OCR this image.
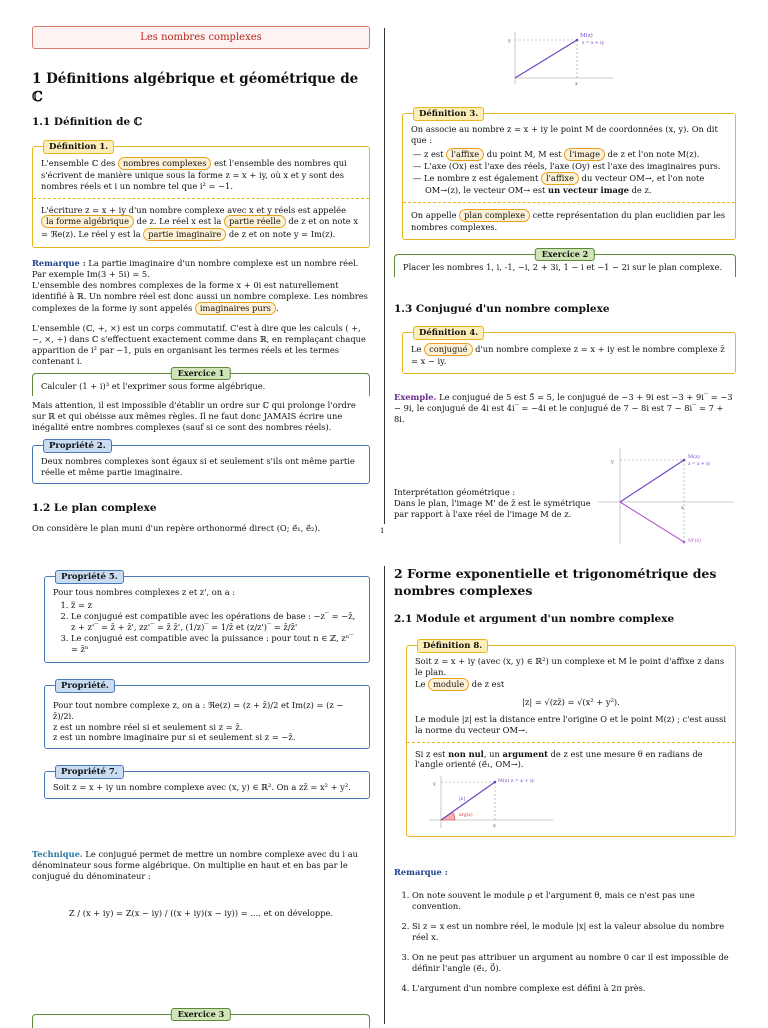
Les nombres complexes

1 Définitions algébrique et géométrique de ℂ

1.1 Définition de ℂ

Définition 1.

L'ensemble ℂ des nombres complexes est l'ensemble des nombres qui s'écrivent de manière unique sous la forme z = x + iy, où x et y sont des nombres réels et i un nombre tel que i² = −1.

L'écriture z = x + iy d'un nombre complexe avec x et y réels est appelée la forme algébrique de z. Le réel x est la partie réelle de z et on note x = ℜe(z). Le réel y est la partie imaginaire de z et on note y = Im(z).

Remarque : La partie imaginaire d'un nombre complexe est un nombre réel. Par exemple Im(3 + 5i) = 5.

L'ensemble des nombres complexes de la forme x + 0i est naturellement identifié à ℝ. Un nombre réel est donc aussi un nombre complexe. Les nombres complexes de la forme iy sont appelés imaginaires purs .

L'ensemble (ℂ, +, ×) est un corps commutatif. C'est à dire que les calculs ( +, −, ×, ÷) dans ℂ s'effectuent exactement comme dans ℝ, en remplaçant chaque apparition de i² par −1, puis en organisant les termes réels et les termes contenant i.

Exercice 1

Calculer (1 + i)³ et l'exprimer sous forme algébrique.

Mais attention, il est impossible d'établir un ordre sur ℂ qui prolonge l'ordre sur ℝ et qui obéisse aux mêmes règles. Il ne faut donc JAMAIS écrire une inégalité entre nombres complexes (sauf si ce sont des nombres réels).

Propriété 2.

Deux nombres complexes sont égaux si et seulement s'ils ont même partie réelle et même partie imaginaire.

1.2 Le plan complexe

On considère le plan muni d'un repère orthonormé direct (O; e⃗₁, e⃗₂).

M(z)
z = x + iy
x
y
Définition 3.

On associe au nombre z = x + iy le point M de coordonnées (x, y). On dit que :

— z est l'affixe du point M, M est l'image de z et l'on note M(z).
— L'axe (Ox) est l'axe des réels, l'axe (Oy) est l'axe des imaginaires purs.
— Le nombre z est également l'affixe du vecteur OM→, et l'on note OM→(z), le vecteur OM→ est un vecteur image de z.

On appelle plan complexe cette représentation du plan euclidien par les nombres complexes.

Exercice 2

Placer les nombres 1, i, -1, −i, 2 + 3i, 1 − i et −1 − 2i sur le plan complexe.

1.3 Conjugué d'un nombre complexe

Définition 4.

Le conjugué d'un nombre complexe z = x + iy est le nombre complexe z̄ = x − iy.

Exemple. Le conjugué de 5 est 5̄ = 5, le conjugué de −3 + 9i est −3 + 9i‾ = −3 − 9i, le conjugué de 4i est 4i‾ = −4i et le conjugué de 7 − 8i est 7 − 8i‾ = 7 + 8i.

Interprétation géométrique :

Dans le plan, l'image M' de z̄ est le symétrique par rapport à l'axe réel de l'image M de z.

M(z)
z = x + iy
M'(z̄)
x
y
1
Propriété 5.

Pour tous nombres complexes z et z', on a :

1. z̿ = z
2. Le conjugué est compatible avec les opérations de base : −z‾ = −z̄, z + z'‾ = z̄ + z̄', zz'‾ = z̄ z̄', (1/z)‾ = 1/z̄ et (z/z')‾ = z̄/z̄'
3. Le conjugué est compatible avec la puissance : pour tout n ∈ ℤ, zⁿ‾ = z̄ⁿ
Propriété.

Pour tout nombre complexe z, on a : ℜe(z) = (z + z̄)/2 et Im(z) = (z − z̄)/2i.

z est un nombre réel si et seulement si z = z̄.

z est un nombre imaginaire pur si et seulement si z = −z̄.

Propriété 7.

Soit z = x + iy un nombre complexe avec (x, y) ∈ ℝ². On a zz̄ = x² + y².

Technique. Le conjugué permet de mettre un nombre complexe avec du i au dénominateur sous forme algébrique. On multiplie en haut et en bas par le conjugué du dénominateur :

Z / (x + iy) = Z(x − iy) / ((x + iy)(x − iy)) = .... et on développe.

Exercice 3

2 Forme exponentielle et trigonométrique des nombres complexes

2.1 Module et argument d'un nombre complexe

Définition 8.

Soit z = x + iy (avec (x, y) ∈ ℝ²) un complexe et M le point d'affixe z dans le plan.

Le module de z est

|z| = √(zz̄) = √(x² + y²).

Le module |z| est la distance entre l'origine O et le point M(z) ; c'est aussi la norme du vecteur OM→.

Si z est non nul, un argument de z est une mesure θ en radians de l'angle orienté (e⃗₁, OM→).

M(z) z = x + iy
|z|
arg(z)
x
y

Remarque :

1. On note souvent le module ρ et l'argument θ, mais ce n'est pas une convention.
2. Si z = x est un nombre réel, le module |x| est la valeur absolue du nombre réel x.
3. On ne peut pas attribuer un argument au nombre 0 car il est impossible de définir l'angle (e⃗₁, 0⃗).
4. L'argument d'un nombre complexe est défini à 2π près.
